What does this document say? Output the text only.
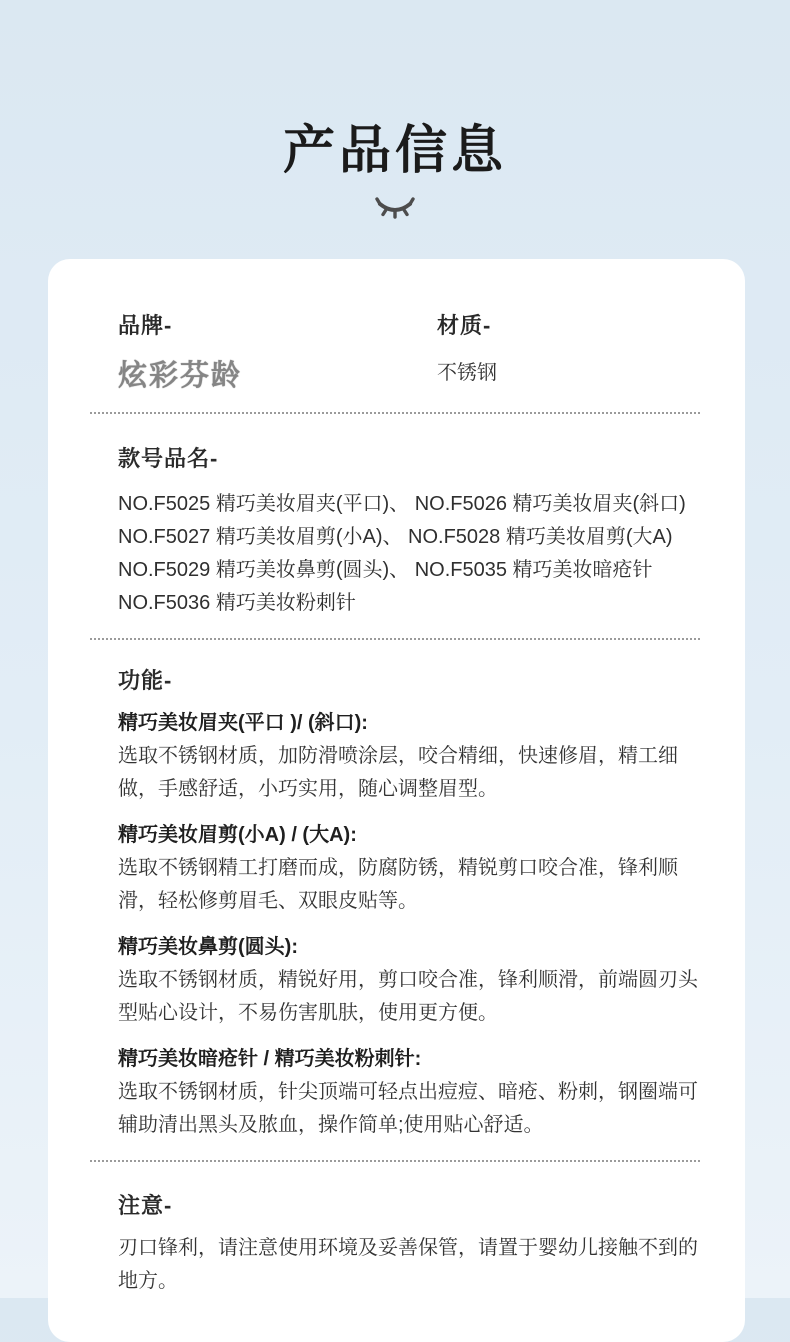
产品信息
品牌-
炫彩芬龄
材质-
不锈钢
款号品名-
NO.F5025 精巧美妆眉夹(平口)、 NO.F5026 精巧美妆眉夹(斜口)
NO.F5027 精巧美妆眉剪(小A)、 NO.F5028 精巧美妆眉剪(大A)
NO.F5029 精巧美妆鼻剪(圆头)、 NO.F5035 精巧美妆暗疮针
NO.F5036 精巧美妆粉刺针
功能-
精巧美妆眉夹(平口 )/ (斜口):
选取不锈钢材质，加防滑喷涂层，咬合精细，快速修眉，精工细做，手感舒适，小巧实用，随心调整眉型。
精巧美妆眉剪(小A) / (大A):
选取不锈钢精工打磨而成，防腐防锈，精锐剪口咬合准，锋利顺滑，轻松修剪眉毛、双眼皮贴等。
精巧美妆鼻剪(圆头):
选取不锈钢材质，精锐好用，剪口咬合准，锋利顺滑，前端圆刃头型贴心设计，不易伤害肌肤，使用更方便。
精巧美妆暗疮针 / 精巧美妆粉刺针:
选取不锈钢材质，针尖顶端可轻点出痘痘、暗疮、粉刺，钢圈端可辅助清出黑头及脓血，操作简单;使用贴心舒适。
注意-
刃口锋利，请注意使用环境及妥善保管，请置于婴幼儿接触不到的地方。
